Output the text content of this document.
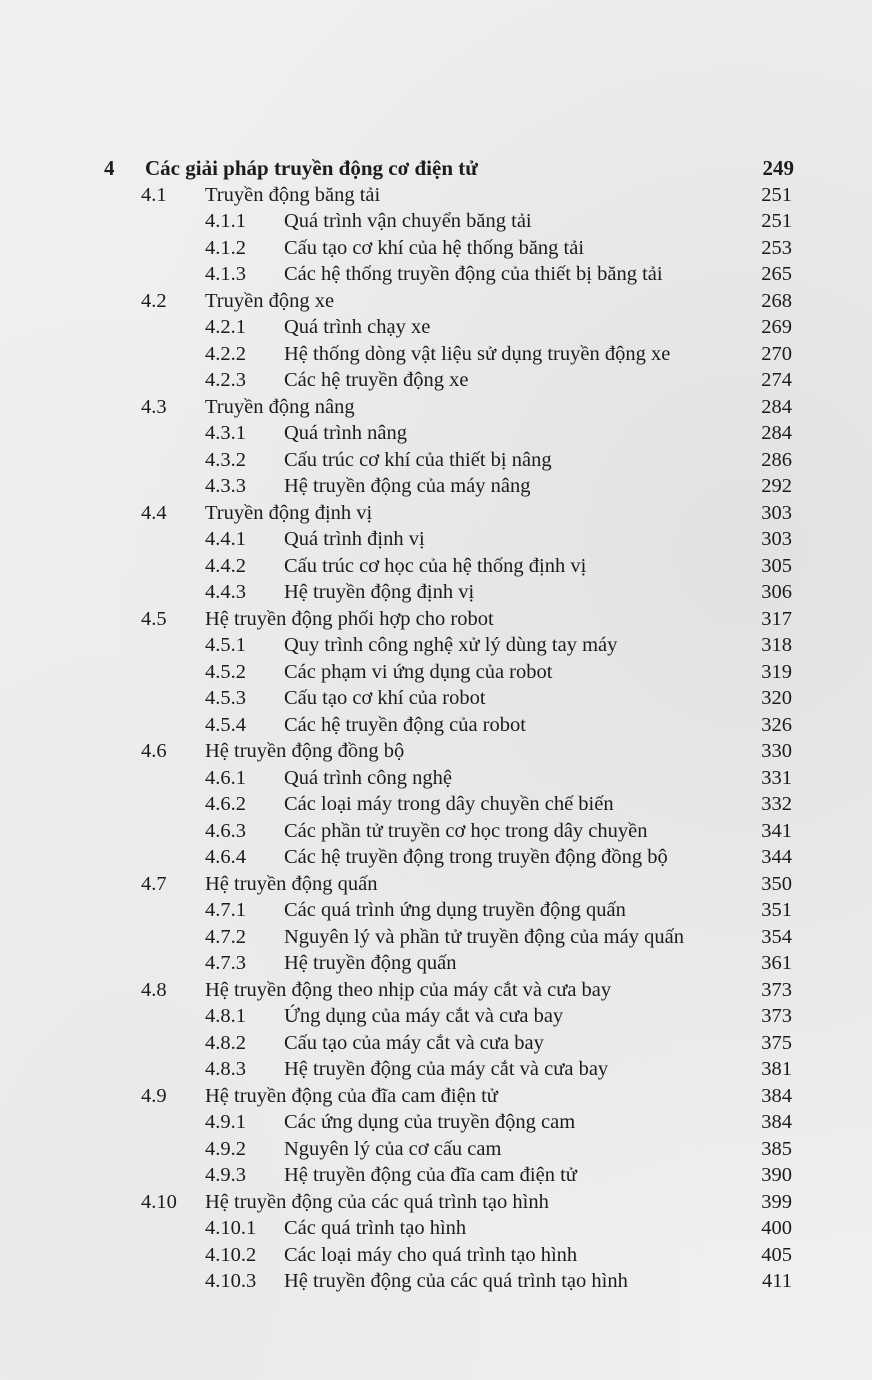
4 Các giải pháp truyền động cơ điện tử	249
4.1 Truyền động băng tải	251
4.1.1 Quá trình vận chuyển băng tải	251
4.1.2 Cấu tạo cơ khí của hệ thống băng tải	253
4.1.3 Các hệ thống truyền động của thiết bị băng tải	265
4.2 Truyền động xe	268
4.2.1 Quá trình chạy xe	269
4.2.2 Hệ thống dòng vật liệu sử dụng truyền động xe	270
4.2.3 Các hệ truyền động xe	274
4.3 Truyền động nâng	284
4.3.1 Quá trình nâng	284
4.3.2 Cấu trúc cơ khí của thiết bị nâng	286
4.3.3 Hệ truyền động của máy nâng	292
4.4 Truyền động định vị	303
4.4.1 Quá trình định vị	303
4.4.2 Cấu trúc cơ học của hệ thống định vị	305
4.4.3 Hệ truyền động định vị	306
4.5 Hệ truyền động phối hợp cho robot	317
4.5.1 Quy trình công nghệ xử lý dùng tay máy	318
4.5.2 Các phạm vi ứng dụng của robot	319
4.5.3 Cấu tạo cơ khí của robot	320
4.5.4 Các hệ truyền động của robot	326
4.6 Hệ truyền động đồng bộ	330
4.6.1 Quá trình công nghệ	331
4.6.2 Các loại máy trong dây chuyền chế biến	332
4.6.3 Các phần tử truyền cơ học trong dây chuyền	341
4.6.4 Các hệ truyền động trong truyền động đồng bộ	344
4.7 Hệ truyền động quấn	350
4.7.1 Các quá trình ứng dụng truyền động quấn	351
4.7.2 Nguyên lý và phần tử truyền động của máy quấn	354
4.7.3 Hệ truyền động quấn	361
4.8 Hệ truyền động theo nhịp của máy cắt và cưa bay	373
4.8.1 Ứng dụng của máy cắt và cưa bay	373
4.8.2 Cấu tạo của máy cắt và cưa bay	375
4.8.3 Hệ truyền động của máy cắt và cưa bay	381
4.9 Hệ truyền động của đĩa cam điện tử	384
4.9.1 Các ứng dụng của truyền động cam	384
4.9.2 Nguyên lý của cơ cấu cam	385
4.9.3 Hệ truyền động của đĩa cam điện tử	390
4.10 Hệ truyền động của các quá trình tạo hình	399
4.10.1 Các quá trình tạo hình	400
4.10.2 Các loại máy cho quá trình tạo hình	405
4.10.3 Hệ truyền động của các quá trình tạo hình	411
